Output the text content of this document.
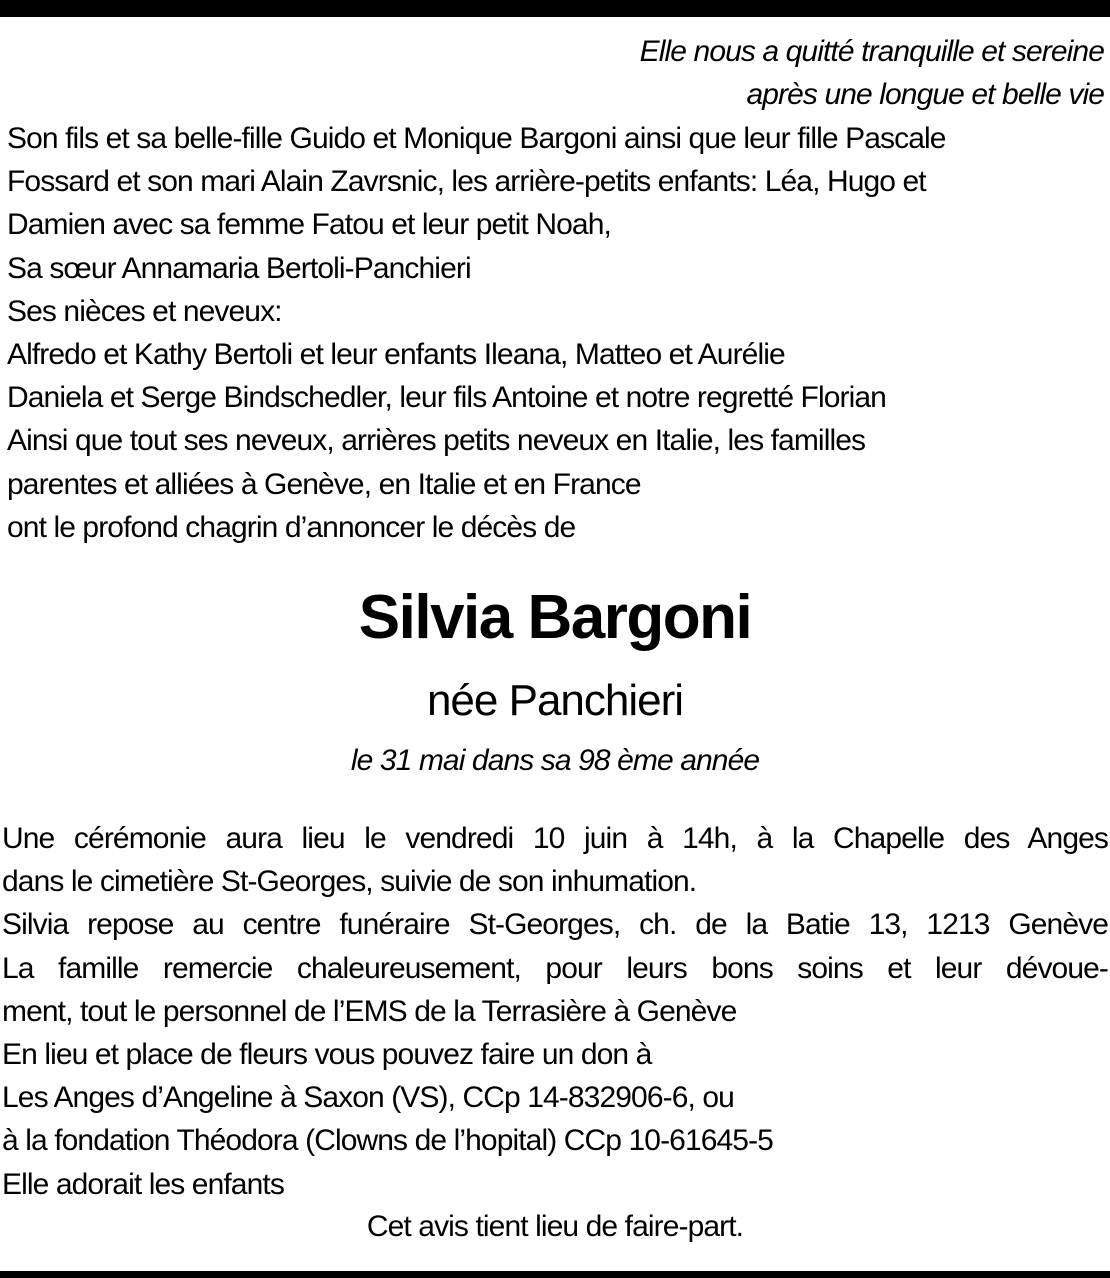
Elle nous a quitté tranquille et sereine
après une longue et belle vie
Son fils et sa belle-fille Guido et Monique Bargoni ainsi que leur fille Pascale
Fossard et son mari Alain Zavrsnic, les arrière-petits enfants: Léa, Hugo et
Damien avec sa femme Fatou et leur petit Noah,
Sa sœur Annamaria Bertoli-Panchieri
Ses nièces et neveux:
Alfredo et Kathy Bertoli et leur enfants Ileana, Matteo et Aurélie
Daniela et Serge Bindschedler, leur fils Antoine et notre regretté Florian
Ainsi que tout ses neveux, arrières petits neveux en Italie, les familles
parentes et alliées à Genève, en Italie et en France
ont le profond chagrin d’annoncer le décès de
Silvia Bargoni
née Panchieri
le 31 mai dans sa 98 ème année
Une cérémonie aura lieu le vendredi 10 juin à 14h, à la Chapelle des Anges
dans le cimetière St-Georges, suivie de son inhumation.
Silvia repose au centre funéraire St-Georges, ch. de la Batie 13, 1213 Genève
La famille remercie chaleureusement, pour leurs bons soins et leur dévoue-
ment, tout le personnel de l’EMS de la Terrasière à Genève
En lieu et place de fleurs vous pouvez faire un don à
Les Anges d’Angeline à Saxon (VS), CCp 14-832906-6, ou
à la fondation Théodora (Clowns de l’hopital) CCp 10-61645-5
Elle adorait les enfants
Cet avis tient lieu de faire-part.
